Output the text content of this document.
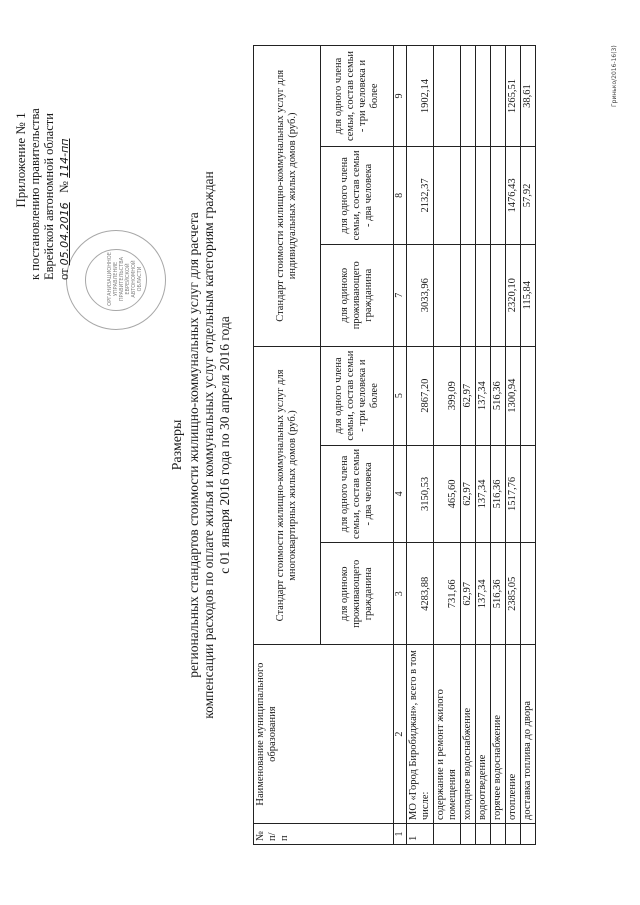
ОРГАНИЗАЦИОННОЕ УПРАВЛЕНИЕ ПРАВИТЕЛЬСТВА ЕВРЕЙСКОЙ АВТОНОМНОЙ ОБЛАСТИ
Приложение № 1 к постановлению правительства Еврейской автономной области от 05.04.2016   № 114-пп
Размеры региональных стандартов стоимости жилищно-коммунальных услуг для расчета компенсации расходов по оплате жилья и коммунальных услуг отдельным категориям граждан с 01 января 2016 года по 30 апреля 2016 года
№ п/п	Наименование муниципального образования	Стандарт стоимости жилищно-коммунальных услуг для многоквартирных жилых домов (руб.)			Стандарт стоимости жилищно-коммунальных услуг для индивидуальных жилых домов (руб.)		
		для одиноко проживающего гражданина	для одного члена семьи, состав семьи - два человека	для одного члена семьи, состав семьи - три человека и более	для одиноко проживающего гражданина	для одного члена семьи, состав семьи - два человека	для одного члена семьи, состав семьи - три человека и более
1	2	3	4	5	7	8	9
1	МО «Город Биробиджан», всего в том числе:	4283,88	3150,53	2867,20	3033,96	2132,37	1902,14
	содержание и ремонт жилого помещения	731,66	465,60	399,09			
	холодное водоснабжение	62,97	62,97	62,97			
	водоотведение	137,34	137,34	137,34			
	горячее водоснабжение	516,36	516,36	516,36			
	отопление	2385,05	1517,76	1300,94	2320,10	1476,43	1265,51
	доставка топлива до двора				115,84	57,92	38,61	Гринько/2016-16(3)
